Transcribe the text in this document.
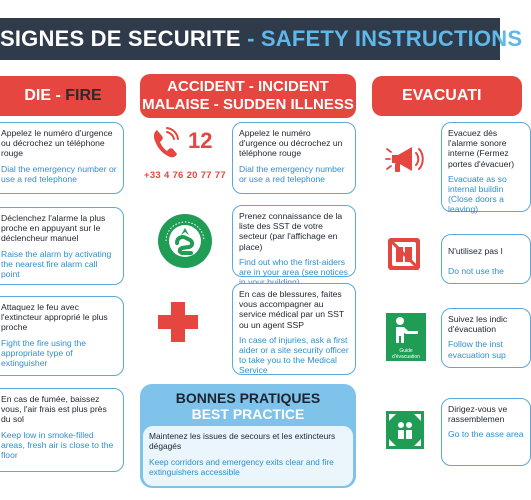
SIGNES DE SECURITE - SAFETY INSTRUCTIONS
DIE - FIRE
Appelez le numéro d'urgence ou décrochez un téléphone rouge
Dial the emergency number or use a red telephone
Déclenchez l'alarme la plus proche en appuyant sur le déclencheur manuel
Raise the alarm by activating the nearest fire alarm call point
Attaquez le feu avec l'extincteur approprié le plus proche
Fight the fire using the appropriate type of extinguisher
En cas de fumée, baissez vous, l'air frais est plus près du sol
Keep low in smoke-filled areas, fresh air is close to the floor
ACCIDENT - INCIDENT
MALAISE - SUDDEN ILLNESS
12
+33 4 76 20 77 77
Appelez le numéro d'urgence ou décrochez un téléphone rouge
Dial the emergency number or use a red telephone
Prenez connaissance de la liste des SST de votre secteur (par l'affichage en place)
Find out who the first-aiders are in your area (see notices
En cas de blessures, faites vous accompagner au service médical par un SST ou un agent SSP
In case of injuries, ask a first aider or a site security officer to take you to the Medical Service
BONNES PRATIQUES
BEST PRACTICE
Maintenez les issues de secours et les extincteurs dégagés
Keep corridors and emergency exits clear and fire extinguishers accessible
EVACUATI
Guide d'évacuation
Evacuez dès l'alarme sonore interne (Fermez portes d'évacuer)
Evacuate as so internal buildin (Close doors a leaving)
N'utilisez pas l
Do not use the
Suivez les indic d'évacuation
Follow the inst evacuation sup
Dirigez-vous ve rassemblemen
Go to the asse area
